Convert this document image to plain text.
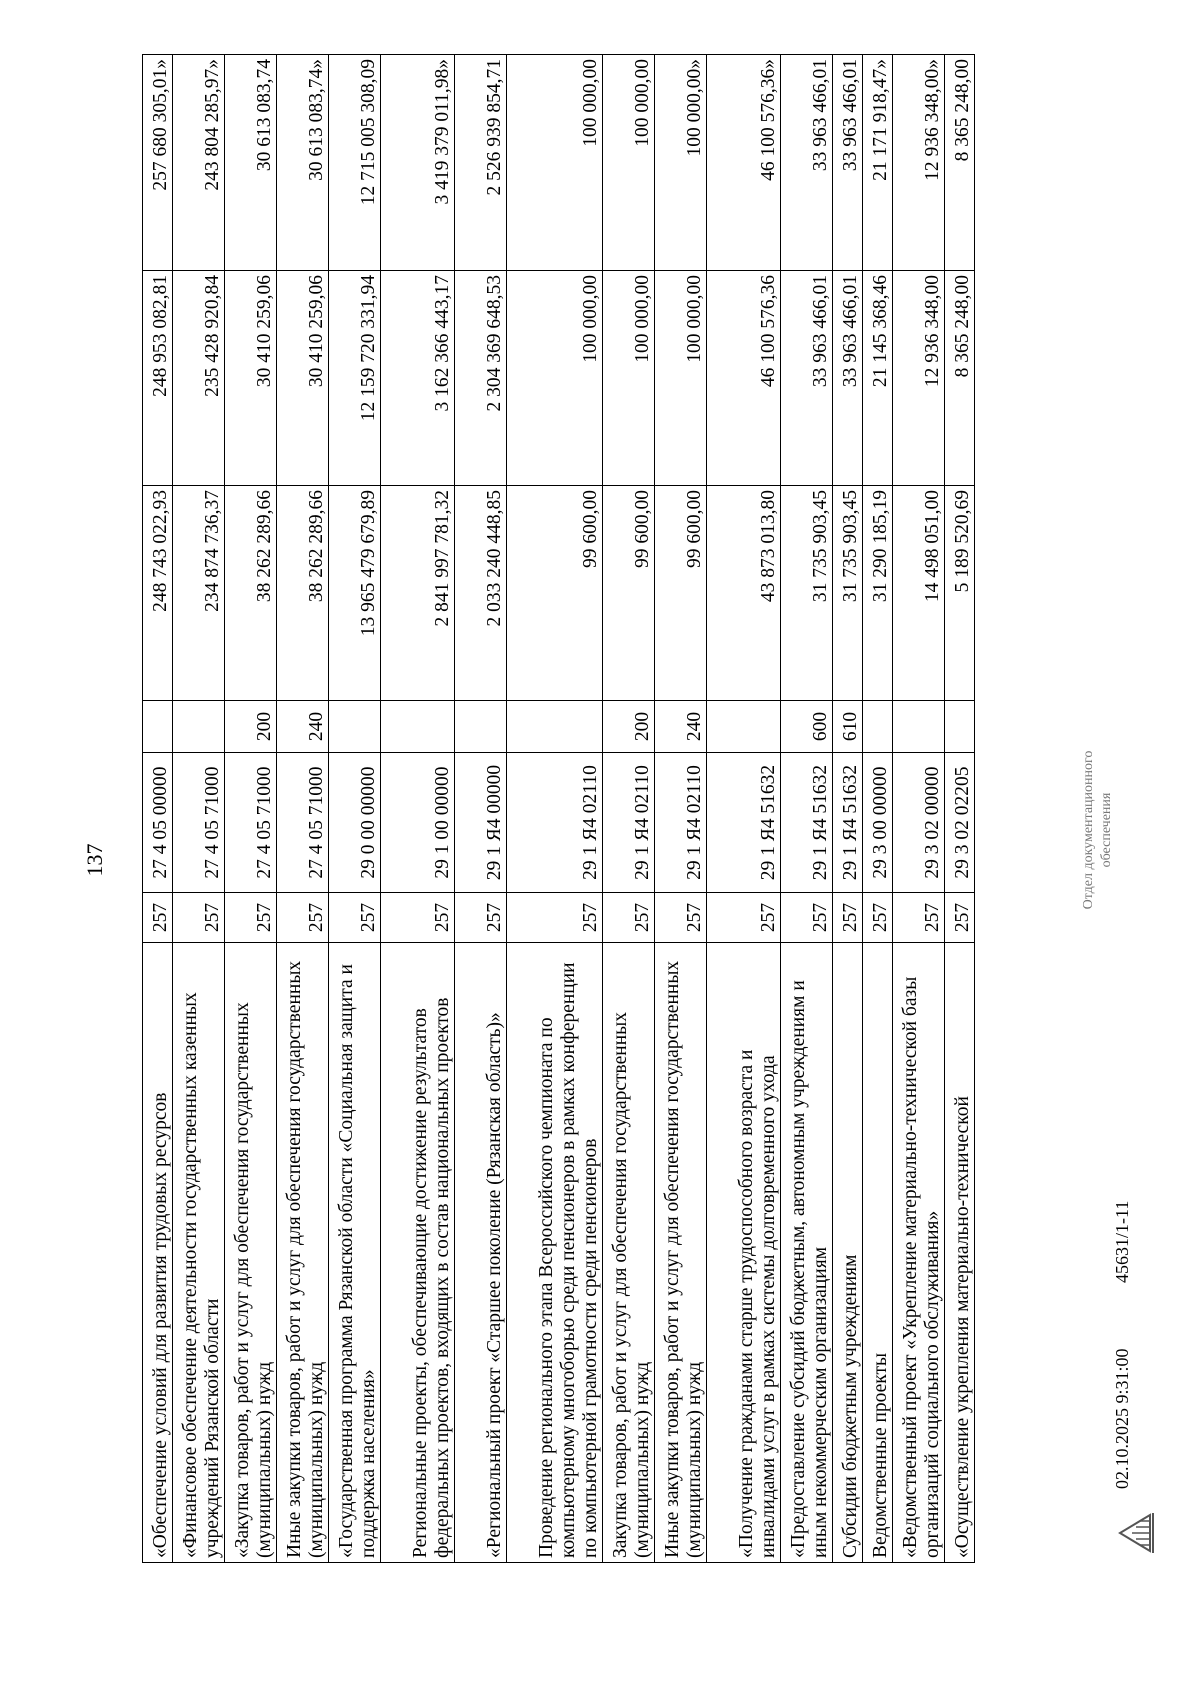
137
«Обеспечение условий для развития трудовых ресурсов	257	27 4 05 00000		248 743 022,93	248 953 082,81	257 680 305,01»
«Финансовое обеспечение деятельности государственных казенных учреждений Рязанской области	257	27 4 05 71000		234 874 736,37	235 428 920,84	243 804 285,97»
«Закупка товаров, работ и услуг для обеспечения государственных (муниципальных) нужд	257	27 4 05 71000	200	38 262 289,66	30 410 259,06	30 613 083,74
Иные закупки товаров, работ и услуг для обеспечения государственных (муниципальных) нужд	257	27 4 05 71000	240	38 262 289,66	30 410 259,06	30 613 083,74»
«Государственная программа Рязанской области «Социальная защита и поддержка населения»	257	29 0 00 00000		13 965 479 679,89	12 159 720 331,94	12 715 005 308,09
Региональные проекты, обеспечивающие достижение результатов федеральных проектов, входящих в состав национальных проектов	257	29 1 00 00000		2 841 997 781,32	3 162 366 443,17	3 419 379 011,98»
«Региональный проект «Старшее поколение (Рязанская область)»	257	29 1 Я4 00000		2 033 240 448,85	2 304 369 648,53	2 526 939 854,71
Проведение регионального этапа Всероссийского чемпионата по компьютерному многоборью среди пенсионеров в рамках конференции по компьютерной грамотности среди пенсионеров	257	29 1 Я4 02110		99 600,00	100 000,00	100 000,00
Закупка товаров, работ и услуг для обеспечения государственных (муниципальных) нужд	257	29 1 Я4 02110	200	99 600,00	100 000,00	100 000,00
Иные закупки товаров, работ и услуг для обеспечения государственных (муниципальных) нужд	257	29 1 Я4 02110	240	99 600,00	100 000,00	100 000,00»
«Получение гражданами старше трудоспособного возраста и инвалидами услуг в рамках системы долговременного ухода	257	29 1 Я4 51632		43 873 013,80	46 100 576,36	46 100 576,36»
«Предоставление субсидий бюджетным, автономным учреждениям и иным некоммерческим организациям	257	29 1 Я4 51632	600	31 735 903,45	33 963 466,01	33 963 466,01
Субсидии бюджетным учреждениям	257	29 1 Я4 51632	610	31 735 903,45	33 963 466,01	33 963 466,01
Ведомственные проекты	257	29 3 00 00000		31 290 185,19	21 145 368,46	21 171 918,47»
«Ведомственный проект «Укрепление материально-технической базы организаций социального обслуживания»	257	29 3 02 00000		14 498 051,00	12 936 348,00	12 936 348,00»
«Осуществление укрепления материально-технической	257	29 3 02 02205		5 189 520,69	8 365 248,00	8 365 248,00
02.10.2025 9:31:00
45631/1-11
Отдел документационного обеспечения
